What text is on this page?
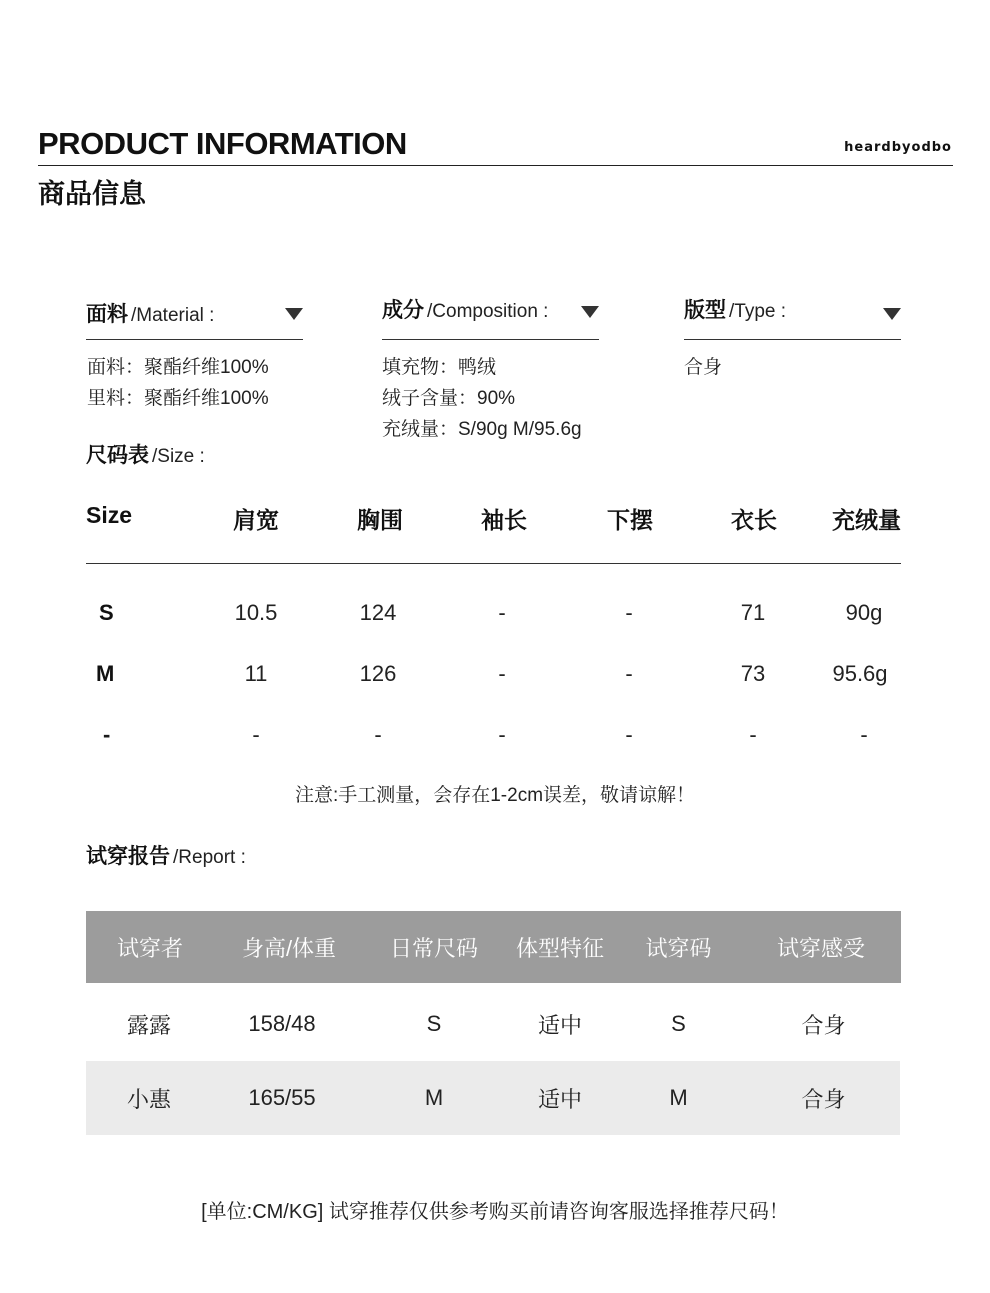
PRODUCT INFORMATION	heardbyodbo
商品信息
面料 /Material :
面料：聚酯纤维100%
里料：聚酯纤维100%
成分 /Composition :
填充物：鸭绒
绒子含量：90%
充绒量：S/90g M/95.6g
版型 /Type :
合身
尺码表 /Size :
Size	肩宽	胸围	袖长	下摆	衣长	充绒量
S	10.5	124	-	-	71	90g
M	11	126	-	-	73	95.6g
-	-	-	-	-	-	-
注意:手工测量，会存在1-2cm误差，敬请谅解！
试穿报告 /Report :
试穿者	身高/体重	日常尺码	体型特征	试穿码	试穿感受
露露	158/48	S	适中	S	合身
小惠	165/55	M	适中	M	合身
[单位:CM/KG] 试穿推荐仅供参考购买前请咨询客服选择推荐尺码！
